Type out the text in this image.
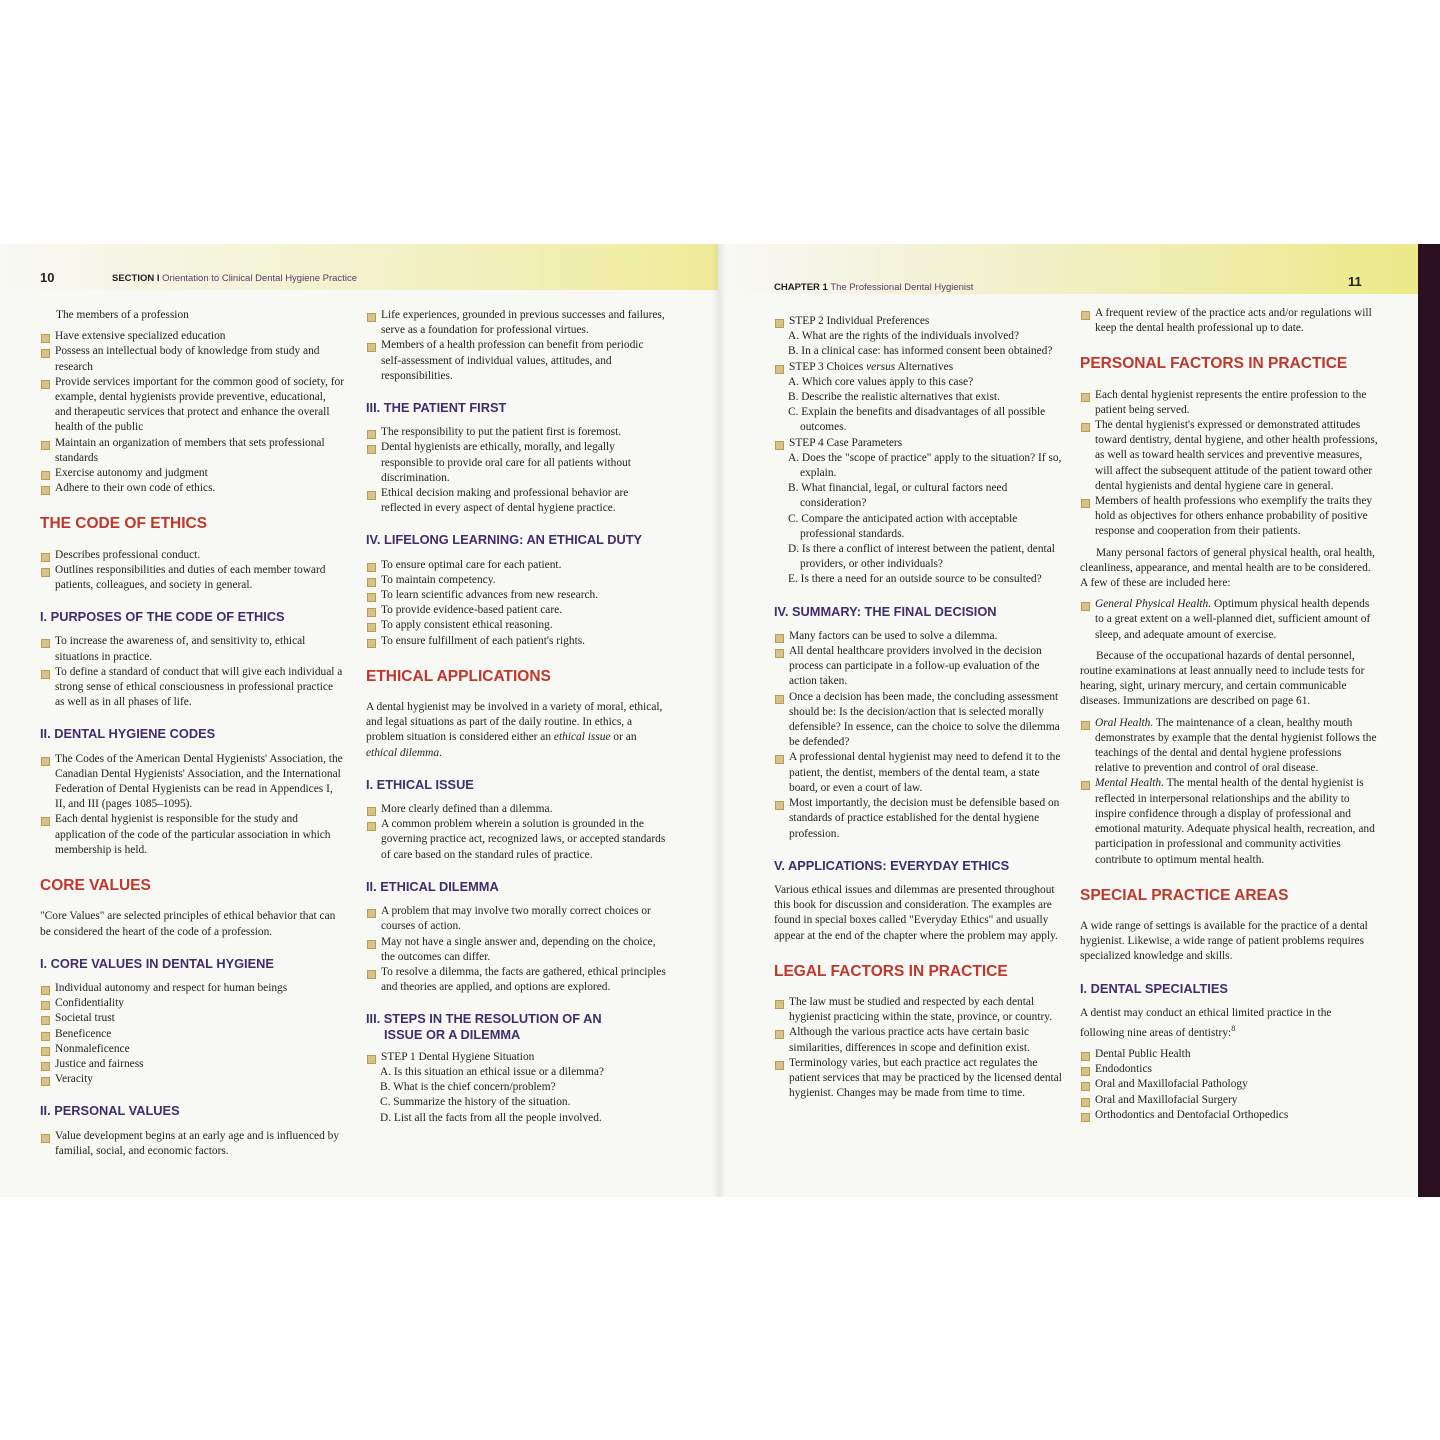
10	SECTION I Orientation to Clinical Dental Hygiene Practice

The members of a profession

Have extensive specialized education
Possess an intellectual body of knowledge from study and research
Provide services important for the common good of society, for example, dental hygienists provide preventive, educational, and therapeutic services that protect and enhance the overall health of the public
Maintain an organization of members that sets professional standards
Exercise autonomy and judgment
Adhere to their own code of ethics.
THE CODE OF ETHICS
Describes professional conduct.
Outlines responsibilities and duties of each member toward patients, colleagues, and society in general.
I. PURPOSES OF THE CODE OF ETHICS
To increase the awareness of, and sensitivity to, ethical situations in practice.
To define a standard of conduct that will give each individual a strong sense of ethical consciousness in professional practice as well as in all phases of life.
II. DENTAL HYGIENE CODES
The Codes of the American Dental Hygienists' Association, the Canadian Dental Hygienists' Association, and the International Federation of Dental Hygienists can be read in Appendices I, II, and III (pages 1085–1095).
Each dental hygienist is responsible for the study and application of the code of the particular association in which membership is held.
CORE VALUES

"Core Values" are selected principles of ethical behavior that can be considered the heart of the code of a profession.

I. CORE VALUES IN DENTAL HYGIENE
Individual autonomy and respect for human beings
Confidentiality
Societal trust
Beneficence
Nonmaleficence
Justice and fairness
Veracity
II. PERSONAL VALUES
Value development begins at an early age and is influenced by familial, social, and economic factors.
Life experiences, grounded in previous successes and failures, serve as a foundation for professional virtues.
Members of a health profession can benefit from periodic self-assessment of individual values, attitudes, and responsibilities.
III. THE PATIENT FIRST
The responsibility to put the patient first is foremost.
Dental hygienists are ethically, morally, and legally responsible to provide oral care for all patients without discrimination.
Ethical decision making and professional behavior are reflected in every aspect of dental hygiene practice.
IV. LIFELONG LEARNING: AN ETHICAL DUTY
To ensure optimal care for each patient.
To maintain competency.
To learn scientific advances from new research.
To provide evidence-based patient care.
To apply consistent ethical reasoning.
To ensure fulfillment of each patient's rights.
ETHICAL APPLICATIONS

A dental hygienist may be involved in a variety of moral, ethical, and legal situations as part of the daily routine. In ethics, a problem situation is considered either an ethical issue or an ethical dilemma.

I. ETHICAL ISSUE
More clearly defined than a dilemma.
A common problem wherein a solution is grounded in the governing practice act, recognized laws, or accepted standards of care based on the standard rules of practice.
II. ETHICAL DILEMMA
A problem that may involve two morally correct choices or courses of action.
May not have a single answer and, depending on the choice, the outcomes can differ.
To resolve a dilemma, the facts are gathered, ethical principles and theories are applied, and options are explored.
III. STEPS IN THE RESOLUTION OF AN
ISSUE OR A DILEMMA
STEP 1 Dental Hygiene Situation
A. Is this situation an ethical issue or a dilemma?
B. What is the chief concern/problem?
C. Summarize the history of the situation.
D. List all the facts from all the people involved.
CHAPTER 1 The Professional Dental Hygienist	11
STEP 2 Individual Preferences
A. What are the rights of the individuals involved?
B. In a clinical case: has informed consent been obtained?
STEP 3 Choices versus Alternatives
A. Which core values apply to this case?
B. Describe the realistic alternatives that exist.
C. Explain the benefits and disadvantages of all possible outcomes.
STEP 4 Case Parameters
A. Does the "scope of practice" apply to the situation? If so, explain.
B. What financial, legal, or cultural factors need consideration?
C. Compare the anticipated action with acceptable professional standards.
D. Is there a conflict of interest between the patient, dental providers, or other individuals?
E. Is there a need for an outside source to be consulted?
IV. SUMMARY: THE FINAL DECISION
Many factors can be used to solve a dilemma.
All dental healthcare providers involved in the decision process can participate in a follow-up evaluation of the action taken.
Once a decision has been made, the concluding assessment should be: Is the decision/action that is selected morally defensible? In essence, can the choice to solve the dilemma be defended?
A professional dental hygienist may need to defend it to the patient, the dentist, members of the dental team, a state board, or even a court of law.
Most importantly, the decision must be defensible based on standards of practice established for the dental hygiene profession.
V. APPLICATIONS: EVERYDAY ETHICS

Various ethical issues and dilemmas are presented throughout this book for discussion and consideration. The examples are found in special boxes called "Everyday Ethics" and usually appear at the end of the chapter where the problem may apply.

LEGAL FACTORS IN PRACTICE
The law must be studied and respected by each dental hygienist practicing within the state, province, or country.
Although the various practice acts have certain basic similarities, differences in scope and definition exist.
Terminology varies, but each practice act regulates the patient services that may be practiced by the licensed dental hygienist. Changes may be made from time to time.
A frequent review of the practice acts and/or regulations will keep the dental health professional up to date.
PERSONAL FACTORS IN PRACTICE
Each dental hygienist represents the entire profession to the patient being served.
The dental hygienist's expressed or demonstrated attitudes toward dentistry, dental hygiene, and other health professions, as well as toward health services and preventive measures, will affect the subsequent attitude of the patient toward other dental hygienists and dental hygiene care in general.
Members of health professions who exemplify the traits they hold as objectives for others enhance probability of positive response and cooperation from their patients.

Many personal factors of general physical health, oral health, cleanliness, appearance, and mental health are to be considered. A few of these are included here:

General Physical Health. Optimum physical health depends to a great extent on a well-planned diet, sufficient amount of sleep, and adequate amount of exercise.

Because of the occupational hazards of dental personnel, routine examinations at least annually need to include tests for hearing, sight, urinary mercury, and certain communicable diseases. Immunizations are described on page 61.

Oral Health. The maintenance of a clean, healthy mouth demonstrates by example that the dental hygienist follows the teachings of the dental and dental hygiene professions relative to prevention and control of oral disease.
Mental Health. The mental health of the dental hygienist is reflected in interpersonal relationships and the ability to inspire confidence through a display of professional and emotional maturity. Adequate physical health, recreation, and participation in professional and community activities contribute to optimum mental health.
SPECIAL PRACTICE AREAS

A wide range of settings is available for the practice of a dental hygienist. Likewise, a wide range of patient problems requires specialized knowledge and skills.

I. DENTAL SPECIALTIES

A dentist may conduct an ethical limited practice in the following nine areas of dentistry:$^8$

Dental Public Health
Endodontics
Oral and Maxillofacial Pathology
Oral and Maxillofacial Surgery
Orthodontics and Dentofacial Orthopedics
